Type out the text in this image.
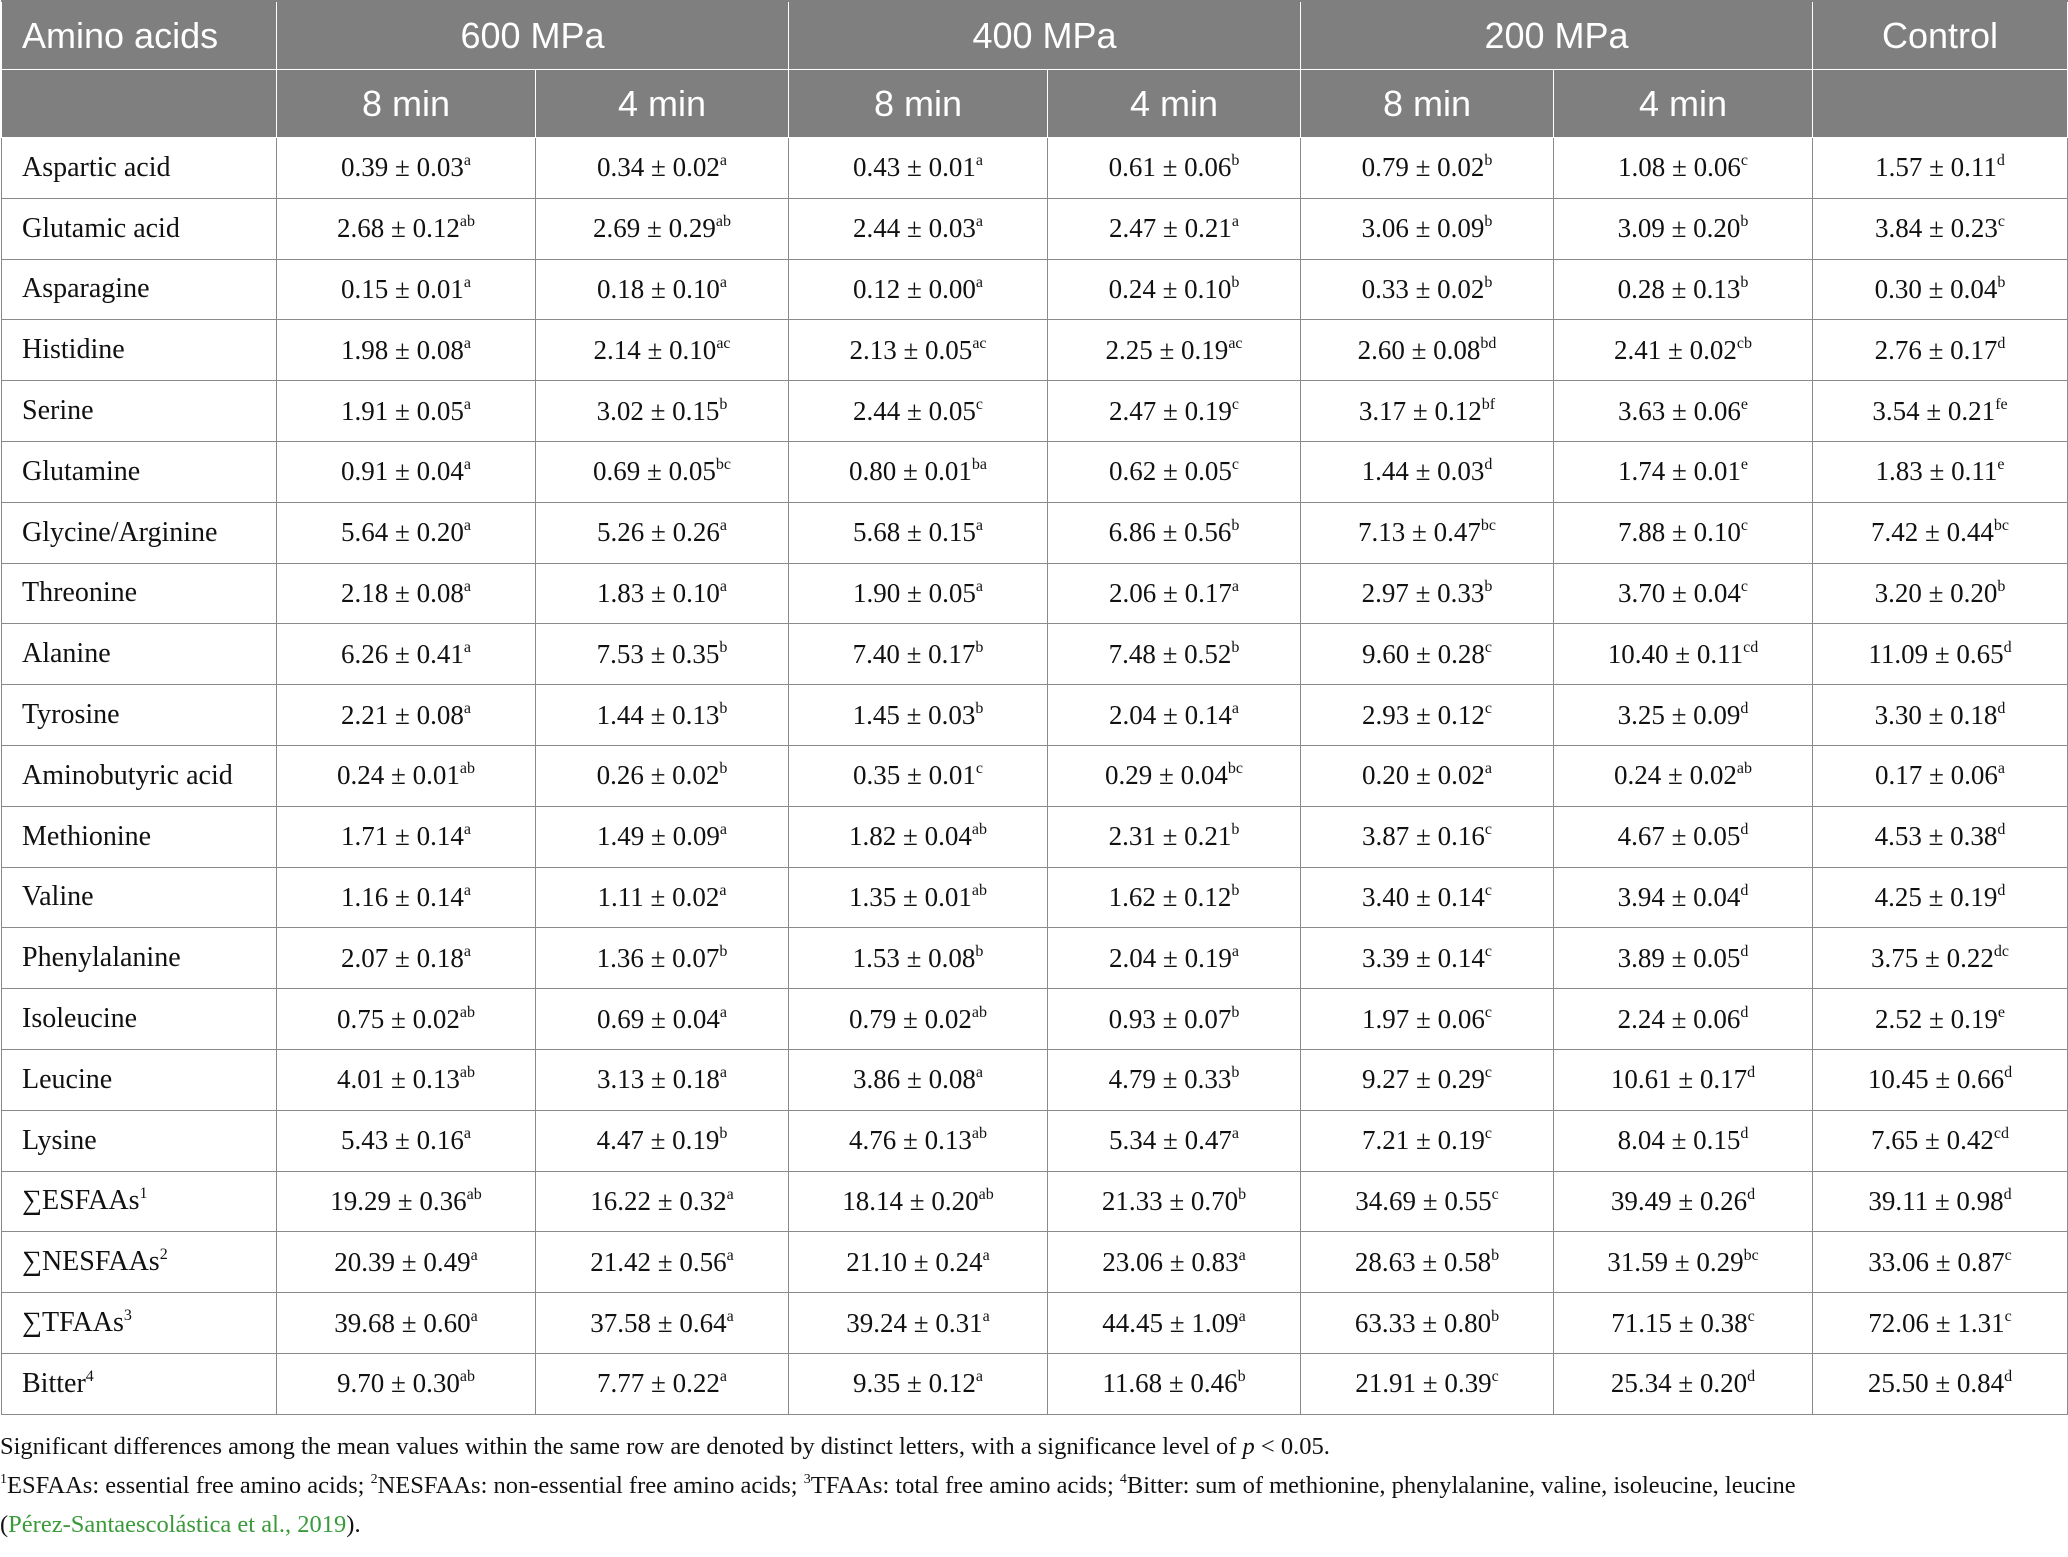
Amino acids	600 MPa		400 MPa		200 MPa		Control
	8 min	4 min	8 min	4 min	8 min	4 min	
Aspartic acid	0.39 ± 0.03$^a$	0.34 ± 0.02$^a$	0.43 ± 0.01$^a$	0.61 ± 0.06$^b$	0.79 ± 0.02$^b$	1.08 ± 0.06$^c$	1.57 ± 0.11$^d$
Glutamic acid	2.68 ± 0.12$^{ab}$	2.69 ± 0.29$^{ab}$	2.44 ± 0.03$^a$	2.47 ± 0.21$^a$	3.06 ± 0.09$^b$	3.09 ± 0.20$^b$	3.84 ± 0.23$^c$
Asparagine	0.15 ± 0.01$^a$	0.18 ± 0.10$^a$	0.12 ± 0.00$^a$	0.24 ± 0.10$^b$	0.33 ± 0.02$^b$	0.28 ± 0.13$^b$	0.30 ± 0.04$^b$
Histidine	1.98 ± 0.08$^a$	2.14 ± 0.10$^{ac}$	2.13 ± 0.05$^{ac}$	2.25 ± 0.19$^{ac}$	2.60 ± 0.08$^{bd}$	2.41 ± 0.02$^{cb}$	2.76 ± 0.17$^d$
Serine	1.91 ± 0.05$^a$	3.02 ± 0.15$^b$	2.44 ± 0.05$^c$	2.47 ± 0.19$^c$	3.17 ± 0.12$^{bf}$	3.63 ± 0.06$^e$	3.54 ± 0.21$^{fe}$
Glutamine	0.91 ± 0.04$^a$	0.69 ± 0.05$^{bc}$	0.80 ± 0.01$^{ba}$	0.62 ± 0.05$^c$	1.44 ± 0.03$^d$	1.74 ± 0.01$^e$	1.83 ± 0.11$^e$
Glycine/Arginine	5.64 ± 0.20$^a$	5.26 ± 0.26$^a$	5.68 ± 0.15$^a$	6.86 ± 0.56$^b$	7.13 ± 0.47$^{bc}$	7.88 ± 0.10$^c$	7.42 ± 0.44$^{bc}$
Threonine	2.18 ± 0.08$^a$	1.83 ± 0.10$^a$	1.90 ± 0.05$^a$	2.06 ± 0.17$^a$	2.97 ± 0.33$^b$	3.70 ± 0.04$^c$	3.20 ± 0.20$^b$
Alanine	6.26 ± 0.41$^a$	7.53 ± 0.35$^b$	7.40 ± 0.17$^b$	7.48 ± 0.52$^b$	9.60 ± 0.28$^c$	10.40 ± 0.11$^{cd}$	11.09 ± 0.65$^d$
Tyrosine	2.21 ± 0.08$^a$	1.44 ± 0.13$^b$	1.45 ± 0.03$^b$	2.04 ± 0.14$^a$	2.93 ± 0.12$^c$	3.25 ± 0.09$^d$	3.30 ± 0.18$^d$
Aminobutyric acid	0.24 ± 0.01$^{ab}$	0.26 ± 0.02$^b$	0.35 ± 0.01$^c$	0.29 ± 0.04$^{bc}$	0.20 ± 0.02$^a$	0.24 ± 0.02$^{ab}$	0.17 ± 0.06$^a$
Methionine	1.71 ± 0.14$^a$	1.49 ± 0.09$^a$	1.82 ± 0.04$^{ab}$	2.31 ± 0.21$^b$	3.87 ± 0.16$^c$	4.67 ± 0.05$^d$	4.53 ± 0.38$^d$
Valine	1.16 ± 0.14$^a$	1.11 ± 0.02$^a$	1.35 ± 0.01$^{ab}$	1.62 ± 0.12$^b$	3.40 ± 0.14$^c$	3.94 ± 0.04$^d$	4.25 ± 0.19$^d$
Phenylalanine	2.07 ± 0.18$^a$	1.36 ± 0.07$^b$	1.53 ± 0.08$^b$	2.04 ± 0.19$^a$	3.39 ± 0.14$^c$	3.89 ± 0.05$^d$	3.75 ± 0.22$^{dc}$
Isoleucine	0.75 ± 0.02$^{ab}$	0.69 ± 0.04$^a$	0.79 ± 0.02$^{ab}$	0.93 ± 0.07$^b$	1.97 ± 0.06$^c$	2.24 ± 0.06$^d$	2.52 ± 0.19$^e$
Leucine	4.01 ± 0.13$^{ab}$	3.13 ± 0.18$^a$	3.86 ± 0.08$^a$	4.79 ± 0.33$^b$	9.27 ± 0.29$^c$	10.61 ± 0.17$^d$	10.45 ± 0.66$^d$
Lysine	5.43 ± 0.16$^a$	4.47 ± 0.19$^b$	4.76 ± 0.13$^{ab}$	5.34 ± 0.47$^a$	7.21 ± 0.19$^c$	8.04 ± 0.15$^d$	7.65 ± 0.42$^{cd}$
∑ESFAAs$^1$	19.29 ± 0.36$^{ab}$	16.22 ± 0.32$^a$	18.14 ± 0.20$^{ab}$	21.33 ± 0.70$^b$	34.69 ± 0.55$^c$	39.49 ± 0.26$^d$	39.11 ± 0.98$^d$
∑NESFAAs$^2$	20.39 ± 0.49$^a$	21.42 ± 0.56$^a$	21.10 ± 0.24$^a$	23.06 ± 0.83$^a$	28.63 ± 0.58$^b$	31.59 ± 0.29$^{bc}$	33.06 ± 0.87$^c$
∑TFAAs$^3$	39.68 ± 0.60$^a$	37.58 ± 0.64$^a$	39.24 ± 0.31$^a$	44.45 ± 1.09$^a$	63.33 ± 0.80$^b$	71.15 ± 0.38$^c$	72.06 ± 1.31$^c$
Bitter$^4$	9.70 ± 0.30$^{ab}$	7.77 ± 0.22$^a$	9.35 ± 0.12$^a$	11.68 ± 0.46$^b$	21.91 ± 0.39$^c$	25.34 ± 0.20$^d$	25.50 ± 0.84$^d$

Significant differences among the mean values within the same row are denoted by distinct letters, with a significance level of p < 0.05.

$^1$ESFAAs: essential free amino acids; $^2$NESFAAs: non-essential free amino acids; $^3$TFAAs: total free amino acids; $^4$Bitter: sum of methionine, phenylalanine, valine, isoleucine, leucine

(Pérez-Santaescolástica et al., 2019).
